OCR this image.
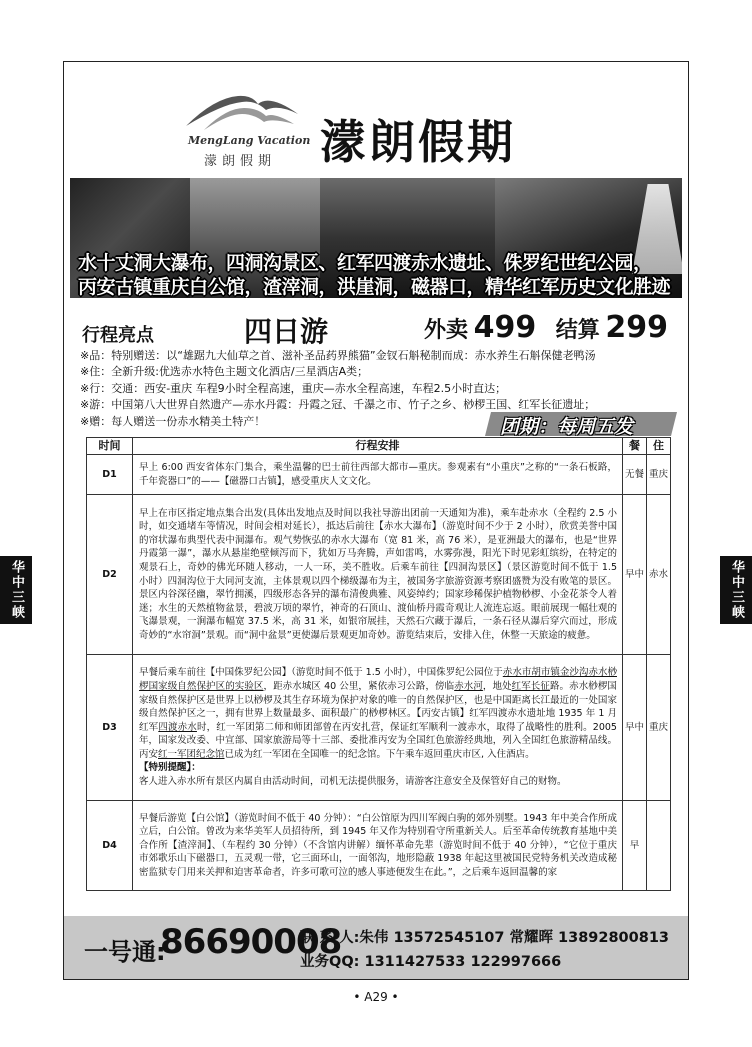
MengLang Vacation
濛朗假期 濛朗假期
水十丈洞大瀑布，四洞沟景区、红军四渡赤水遗址、侏罗纪世纪公园，
丙安古镇重庆白公馆，渣滓洞，洪崖洞，磁器口，精华红军历史文化胜迹
行程亮点	四日游	外卖 499 结算 299
※品：特别赠送：以“雄踞九大仙草之首、滋补圣品药界熊猫”金钗石斛秘制而成：赤水养生石斛保健老鸭汤
※住：全新升级:优选赤水特色主题文化酒店/三星酒店A类；
※行：交通：西安-重庆 车程9小时全程高速，重庆—赤水全程高速，车程2.5小时直达；
※游：中国第八大世界自然遗产—赤水丹霞：丹霞之冠、千瀑之市、竹子之乡、桫椤王国、红军长征遗址；
※赠：每人赠送一份赤水精美土特产！	团期：每周五发
时间	行程安排	餐	住
D1	早上 6:00 西安省体东门集合，乘坐温馨的巴士前往西部大都市—重庆。参观素有“小重庆”之称的“一条石板路，千年瓷器口”的——【磁器口古镇】，感受重庆人文文化。	无餐	重庆
D2	早上在市区指定地点集合出发(具体出发地点及时间以我社导游出团前一天通知为准)，乘车赴赤水（全程约 2.5 小时，如交通堵车等情况，时间会相对延长），抵达后前往【赤水大瀑布】（游览时间不少于 2 小时），欣赏美誉中国的帘状瀑布典型代表中洞瀑布。观气势恢弘的赤水大瀑布（宽 81 米，高 76 米），是亚洲最大的瀑布，也是“世界丹霞第一瀑”，瀑水从悬崖绝壁倾泻而下，犹如万马奔腾，声如雷鸣，水雾弥漫，阳光下时见彩虹缤纷，在特定的观景石上，奇妙的佛光环随人移动，一人一环，美不胜收。后乘车前往【四洞沟景区】（景区游览时间不低于 1.5 小时）四洞沟位于大同河支流，主体景观以四个梯级瀑布为主，被国务字旅游资源考察团盛赞为没有败笔的景区。景区内谷深径幽，翠竹拥溪，四级形态各异的瀑布清俊典雅、风姿绰约；国家珍稀保护植物桫椤、小金花茶令人着迷；水生的天然植物盆景，碧波万顷的翠竹，神奇的石顶山、渡仙桥丹霞奇观让人流连忘返。眼前展现一幅壮观的飞瀑景观，一涧瀑布幅宽 37.5 米，高 31 米，如银帘展挂，天然石穴藏于瀑后，一条石径从瀑后穿穴而过，形成奇妙的“水帘洞”景观。而“洞中盆景”更使瀑后景观更加奇妙。游览结束后，安排入住，休整一天旅途的疲惫。	早中	赤水
D3	早餐后乘车前往【中国侏罗纪公园】（游览时间不低于 1.5 小时），中国侏罗纪公园位于赤水市胡市镇金沙沟赤水桫椤国家级自然保护区的实验区，距赤水城区 40 公里，紧依赤习公路，傍临赤水河，地处红军长征路。赤水桫椤国家级自然保护区是世界上以桫椤及其生存环境为保护对象的唯一的自然保护区，也是中国距离长江最近的一处国家级自然保护区之一，拥有世界上数量最多、面积最广的桫椤林区。【丙安古镇】红军四渡赤水遗址地 1935 年 1 月红军四渡赤水时，红一军团第二师和师团部曾在丙安扎营，保证红军顺利一渡赤水，取得了战略性的胜利。2005 年，国家发改委、中宣部、国家旅游局等十三部、委批准丙安为全国红色旅游经典地，列入全国红色旅游精品线。丙安红一军团纪念馆已成为红一军团在全国唯一的纪念馆。下午乘车返回重庆市区, 入住酒店。
【特别提醒】：
客人进入赤水所有景区内属自由活动时间，司机无法提供服务，请游客注意安全及保管好自己的财物。	早中	重庆
D4	早餐后游览【白公馆】（游览时间不低于 40 分钟）：“白公馆原为四川军阀白驹的郊外别墅。1943 年中美合作所成立后，白公馆。曾改为来华美军人员招待所，到 1945 年又作为特别看守所重新关人。后至革命传统教育基地中美合作所【渣滓洞】、（车程约 30 分钟）（不含馆内讲解）缅怀革命先辈（游览时间不低于 40 分钟），“它位于重庆市郊歌乐山下磁器口，五灵观一带，它三面环山，一面邻沟，地形隐蔽 1938 年起这里被国民党特务机关改造成秘密监狱专门用来关押和迫害革命者，许多可歌可泣的感人事迹便发生在此。”，之后乘车返回温馨的家	早	
华中三峡	华中三峡
一号通:
86690008
联 系 人:朱伟 13572545107 常耀晖 13892800813
业务QQ: 1311427533 122997666
• A29 •
